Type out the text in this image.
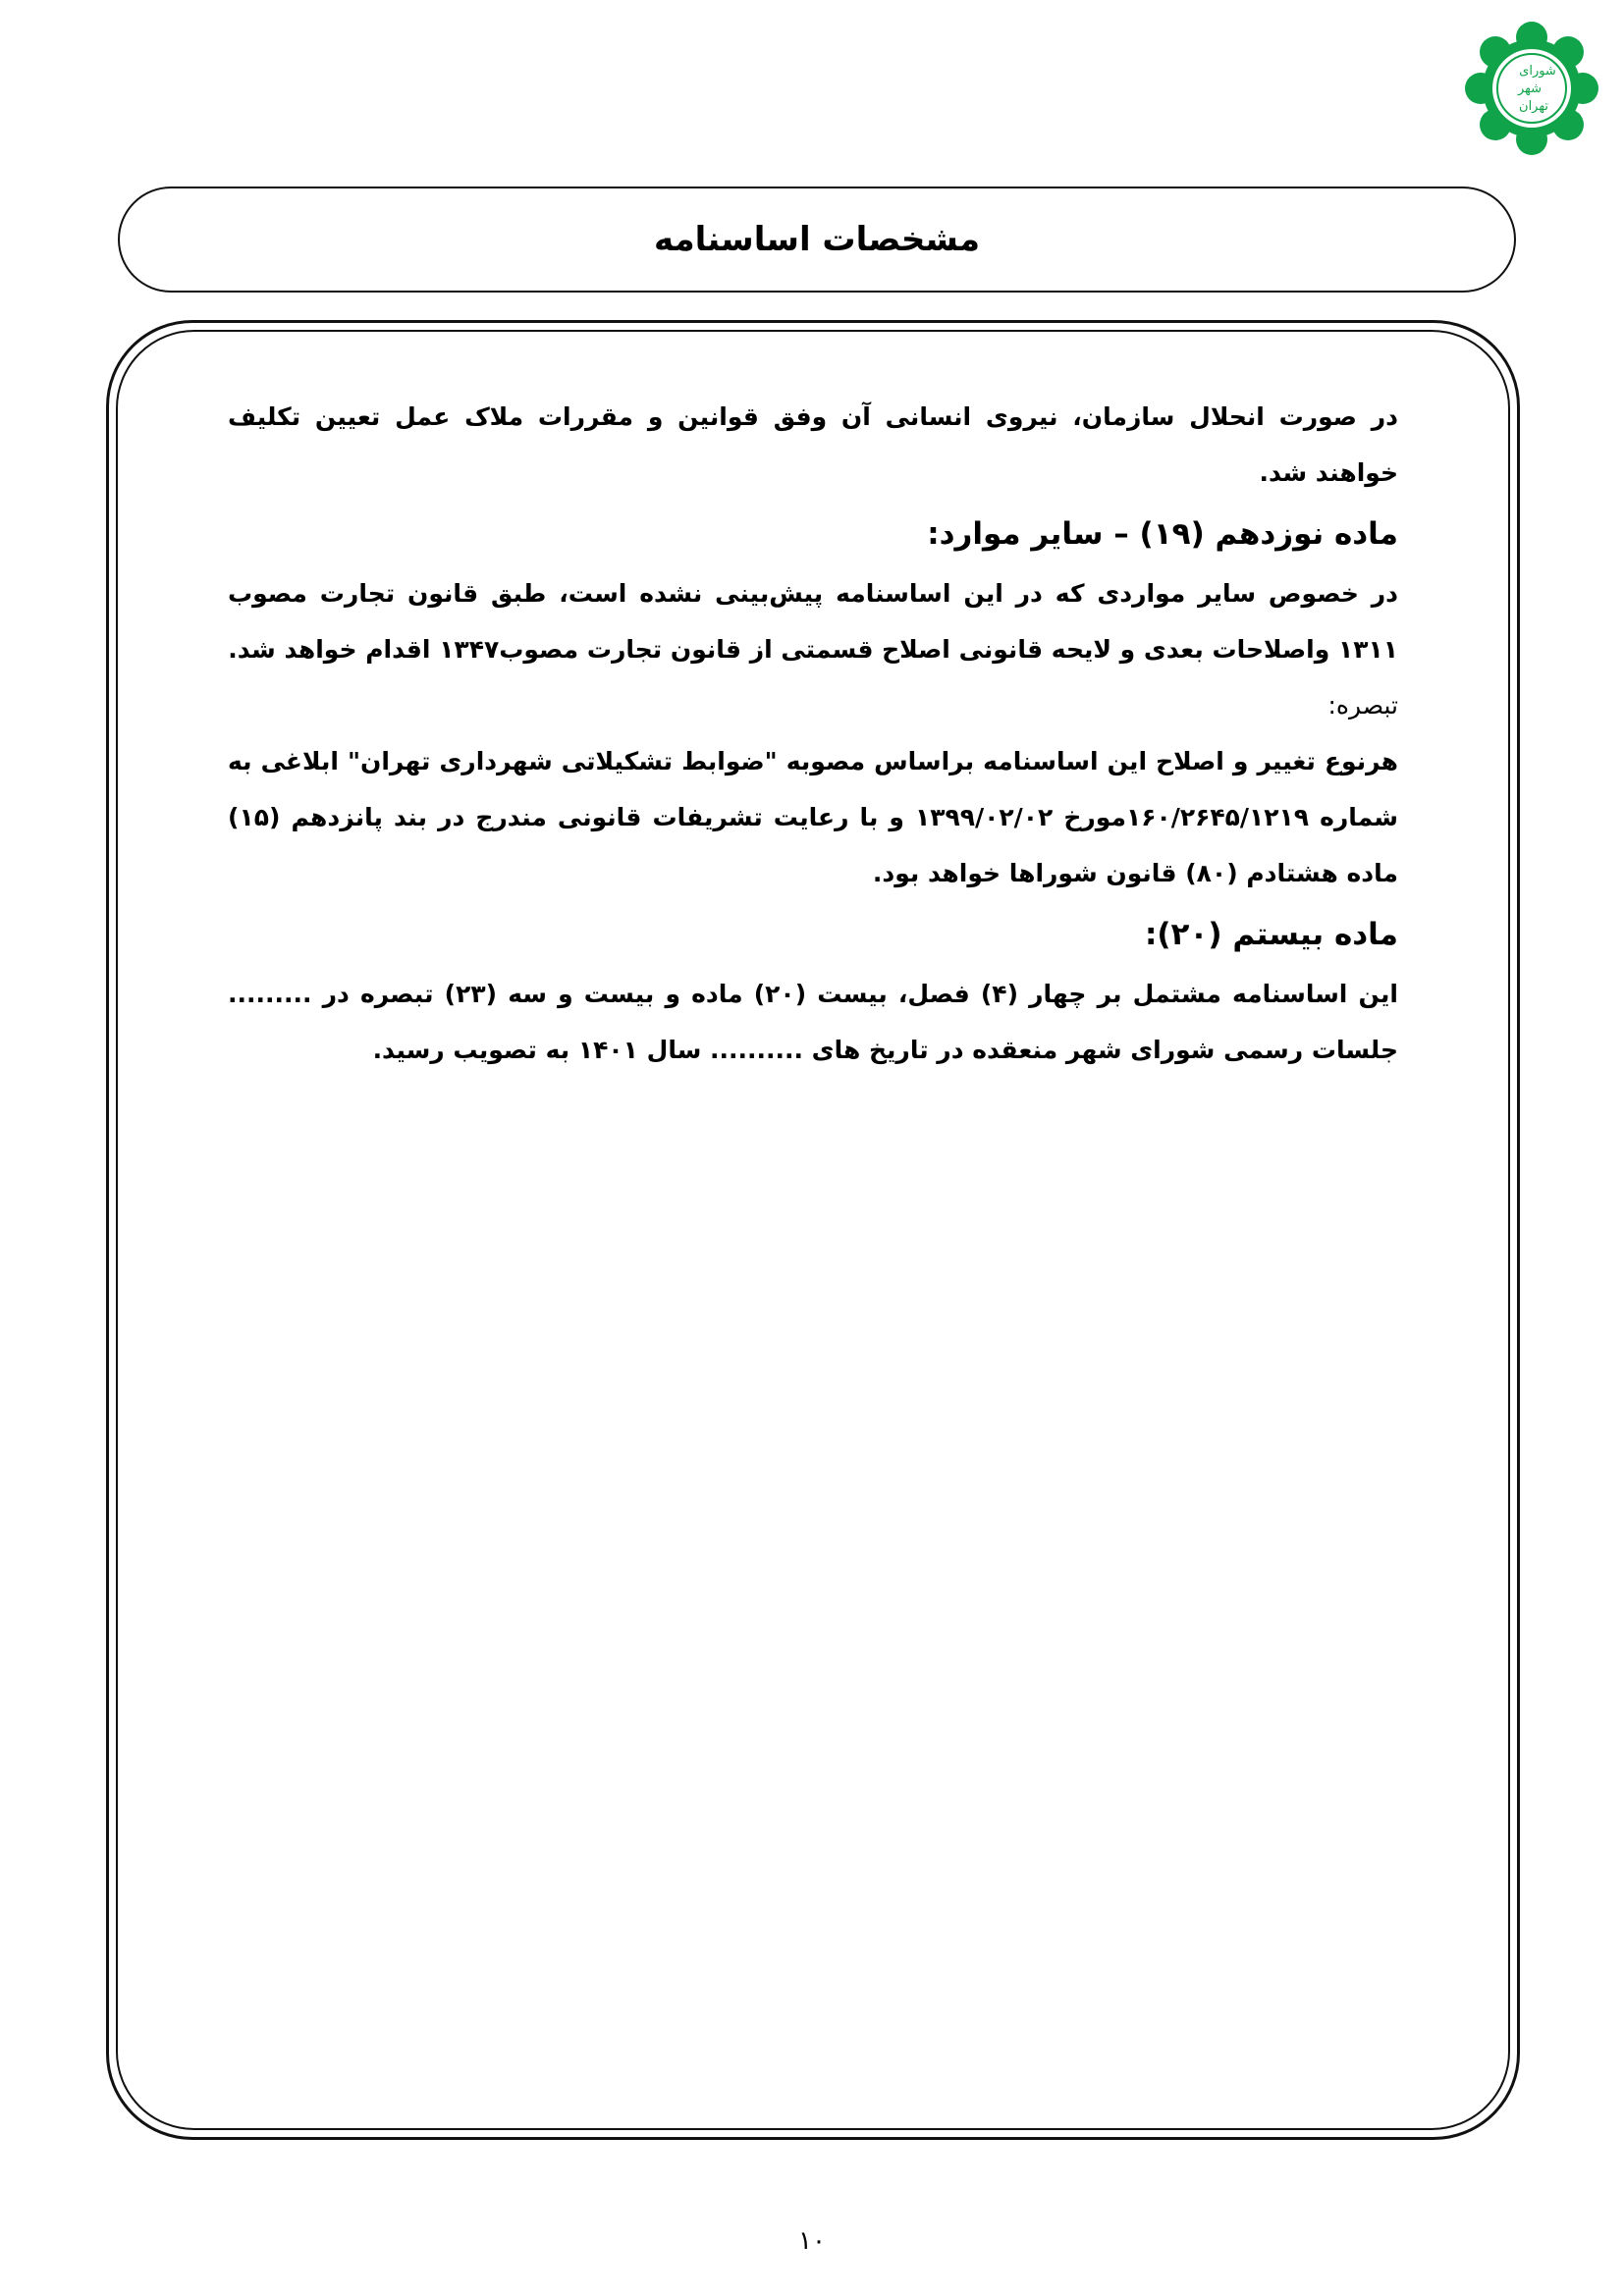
شورای
شهر
تهران
مشخصات اساسنامه

در صورت انحلال سازمان، نیروی انسانی آن وفق قوانین و مقررات ملاک عمل تعیین تکلیف خواهند شد.

ماده نوزدهم (۱۹) – سایر موارد:

در خصوص سایر مواردی که در این اساسنامه پیش‌بینی نشده است، طبق قانون تجارت مصوب ۱۳۱۱ واصلاحات بعدی و لایحه قانونی اصلاح قسمتی از قانون تجارت مصوب۱۳۴۷ اقدام خواهد شد.

تبصره:

هرنوع تغییر و اصلاح این اساسنامه براساس مصوبه "ضوابط تشکیلاتی شهرداری تهران" ابلاغی به شماره ۱۶۰/۲۶۴۵/۱۲۱۹مورخ ۱۳۹۹/۰۲/۰۲ و با رعایت تشریفات قانونی مندرج در بند پانزدهم (۱۵) ماده هشتادم (۸۰) قانون شوراها خواهد بود.

ماده بیستم (۲۰):

این اساسنامه مشتمل بر چهار (۴) فصل، بیست (۲۰) ماده و بیست و سه (۲۳) تبصره در ......... جلسات رسمی شورای شهر منعقده در تاریخ های .......... سال ۱۴۰۱ به تصویب رسید.

۱۰
